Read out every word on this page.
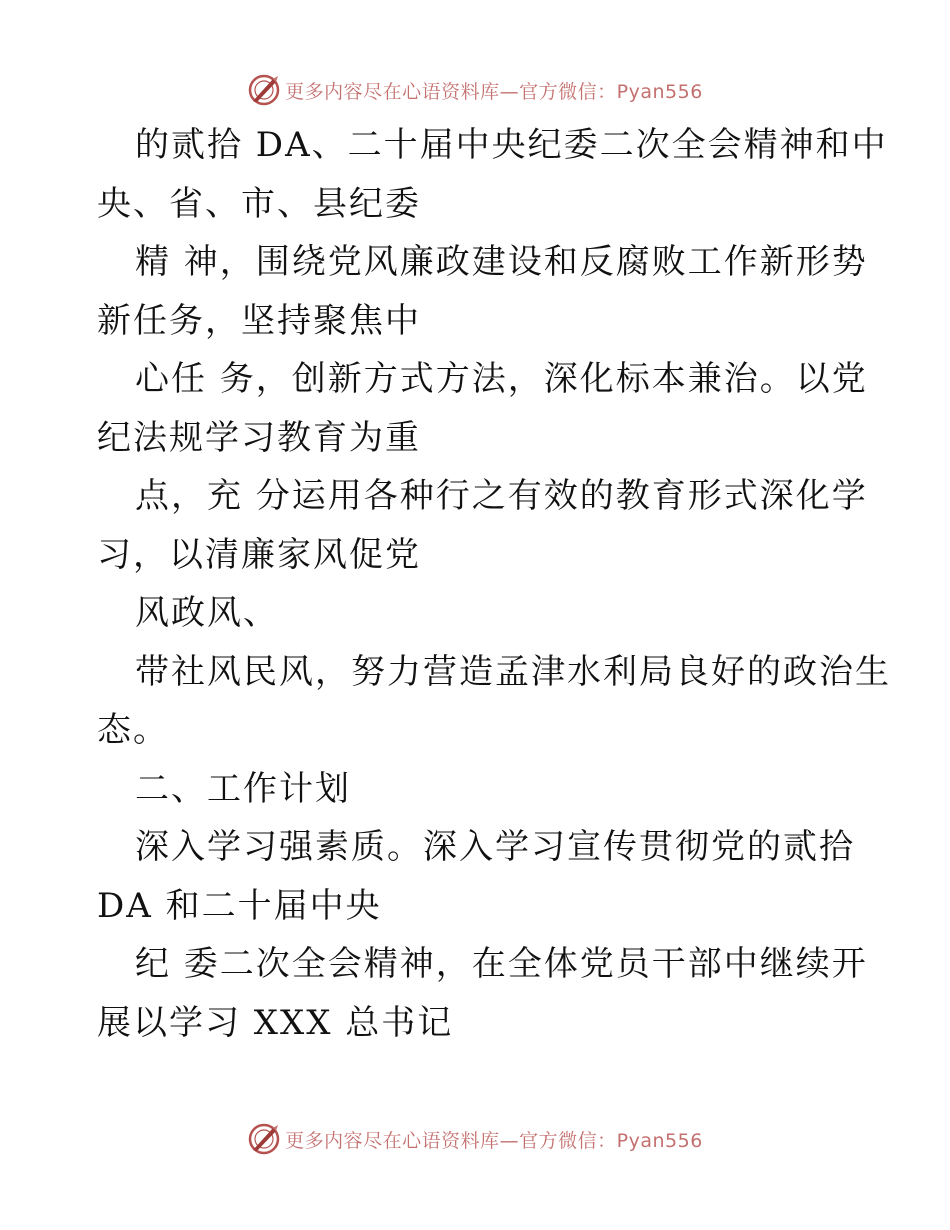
更多内容尽在心语资料库—官方微信：Pyan556
的贰拾 DA、二十届中央纪委二次全会精神和中
央、省、市、县纪委
精 神，围绕党风廉政建设和反腐败工作新形势
新任务，坚持聚焦中
心任 务，创新方式方法，深化标本兼治。以党
纪法规学习教育为重
点，充 分运用各种行之有效的教育形式深化学
习，以清廉家风促党
风政风、
带社风民风，努力营造孟津水利局良好的政治生
态。
二、工作计划
深入学习强素质。深入学习宣传贯彻党的贰拾
DA 和二十届中央
纪 委二次全会精神，在全体党员干部中继续开
展以学习 XXX 总书记
更多内容尽在心语资料库—官方微信：Pyan556
